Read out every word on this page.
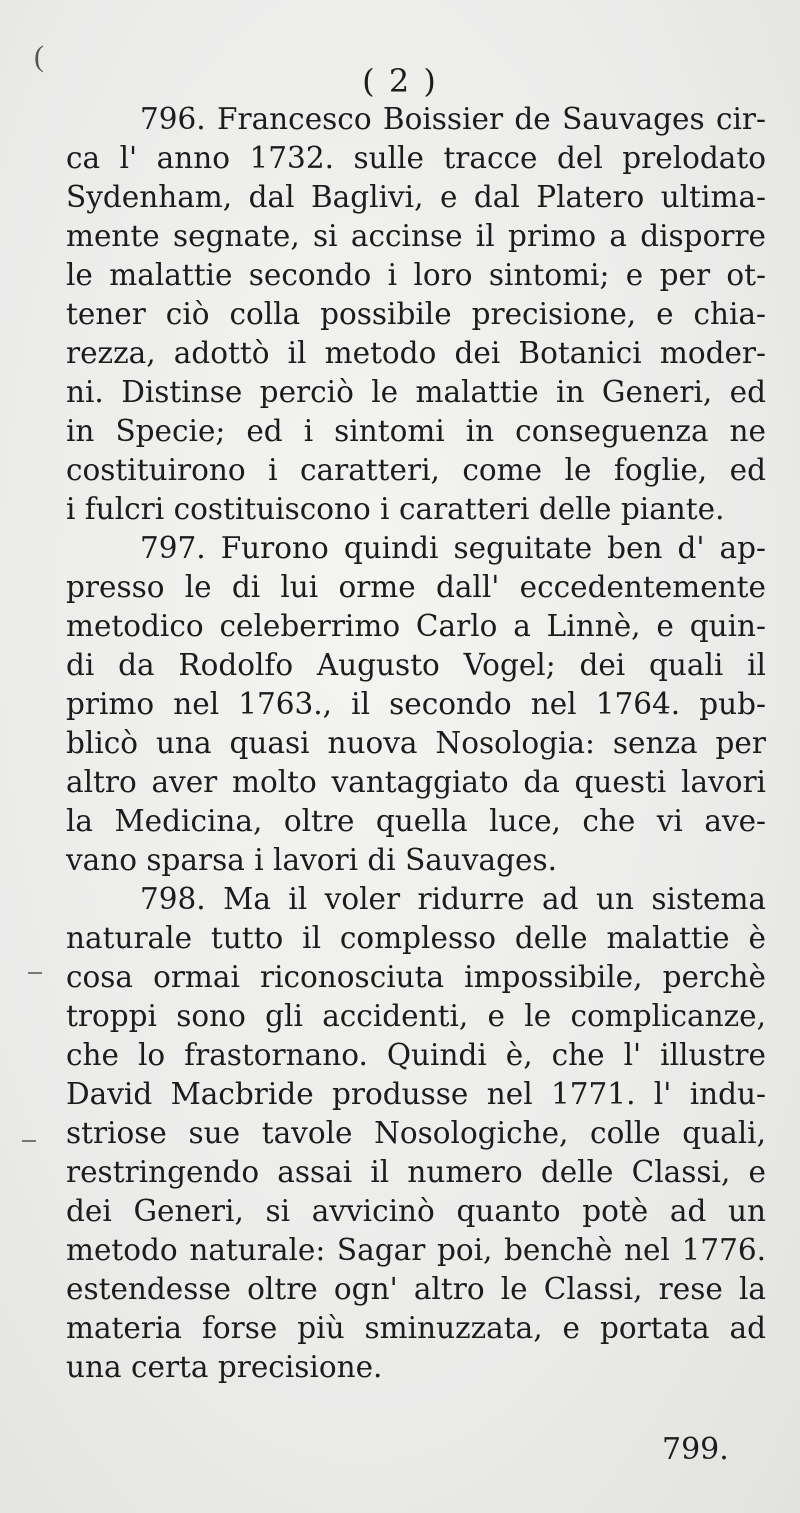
(
( 2 )
796. Francesco Boissier de Sauvages cir-
ca l' anno 1732. sulle tracce del prelodato
Sydenham, dal Baglivi, e dal Platero ultima-
mente segnate, si accinse il primo a disporre
le malattie secondo i loro sintomi; e per ot-
tener ciò colla possibile precisione, e chia-
rezza, adottò il metodo dei Botanici moder-
ni. Distinse perciò le malattie in Generi, ed
in Specie; ed i sintomi in conseguenza ne
costituirono i caratteri, come le foglie, ed
i fulcri costituiscono i caratteri delle piante.
797. Furono quindi seguitate ben d' ap-
presso le di lui orme dall' eccedentemente
metodico celeberrimo Carlo a Linnè, e quin-
di da Rodolfo Augusto Vogel; dei quali il
primo nel 1763., il secondo nel 1764. pub-
blicò una quasi nuova Nosologia: senza per
altro aver molto vantaggiato da questi lavori
la Medicina, oltre quella luce, che vi ave-
vano sparsa i lavori di Sauvages.
798. Ma il voler ridurre ad un sistema
naturale tutto il complesso delle malattie è
cosa ormai riconosciuta impossibile, perchè
troppi sono gli accidenti, e le complicanze,
che lo frastornano. Quindi è, che l' illustre
David Macbride produsse nel 1771. l' indu-
striose sue tavole Nosologiche, colle quali,
restringendo assai il numero delle Classi, e
dei Generi, si avvicinò quanto potè ad un
metodo naturale: Sagar poi, benchè nel 1776.
estendesse oltre ogn' altro le Classi, rese la
materia forse più sminuzzata, e portata ad
una certa precisione.
799.
